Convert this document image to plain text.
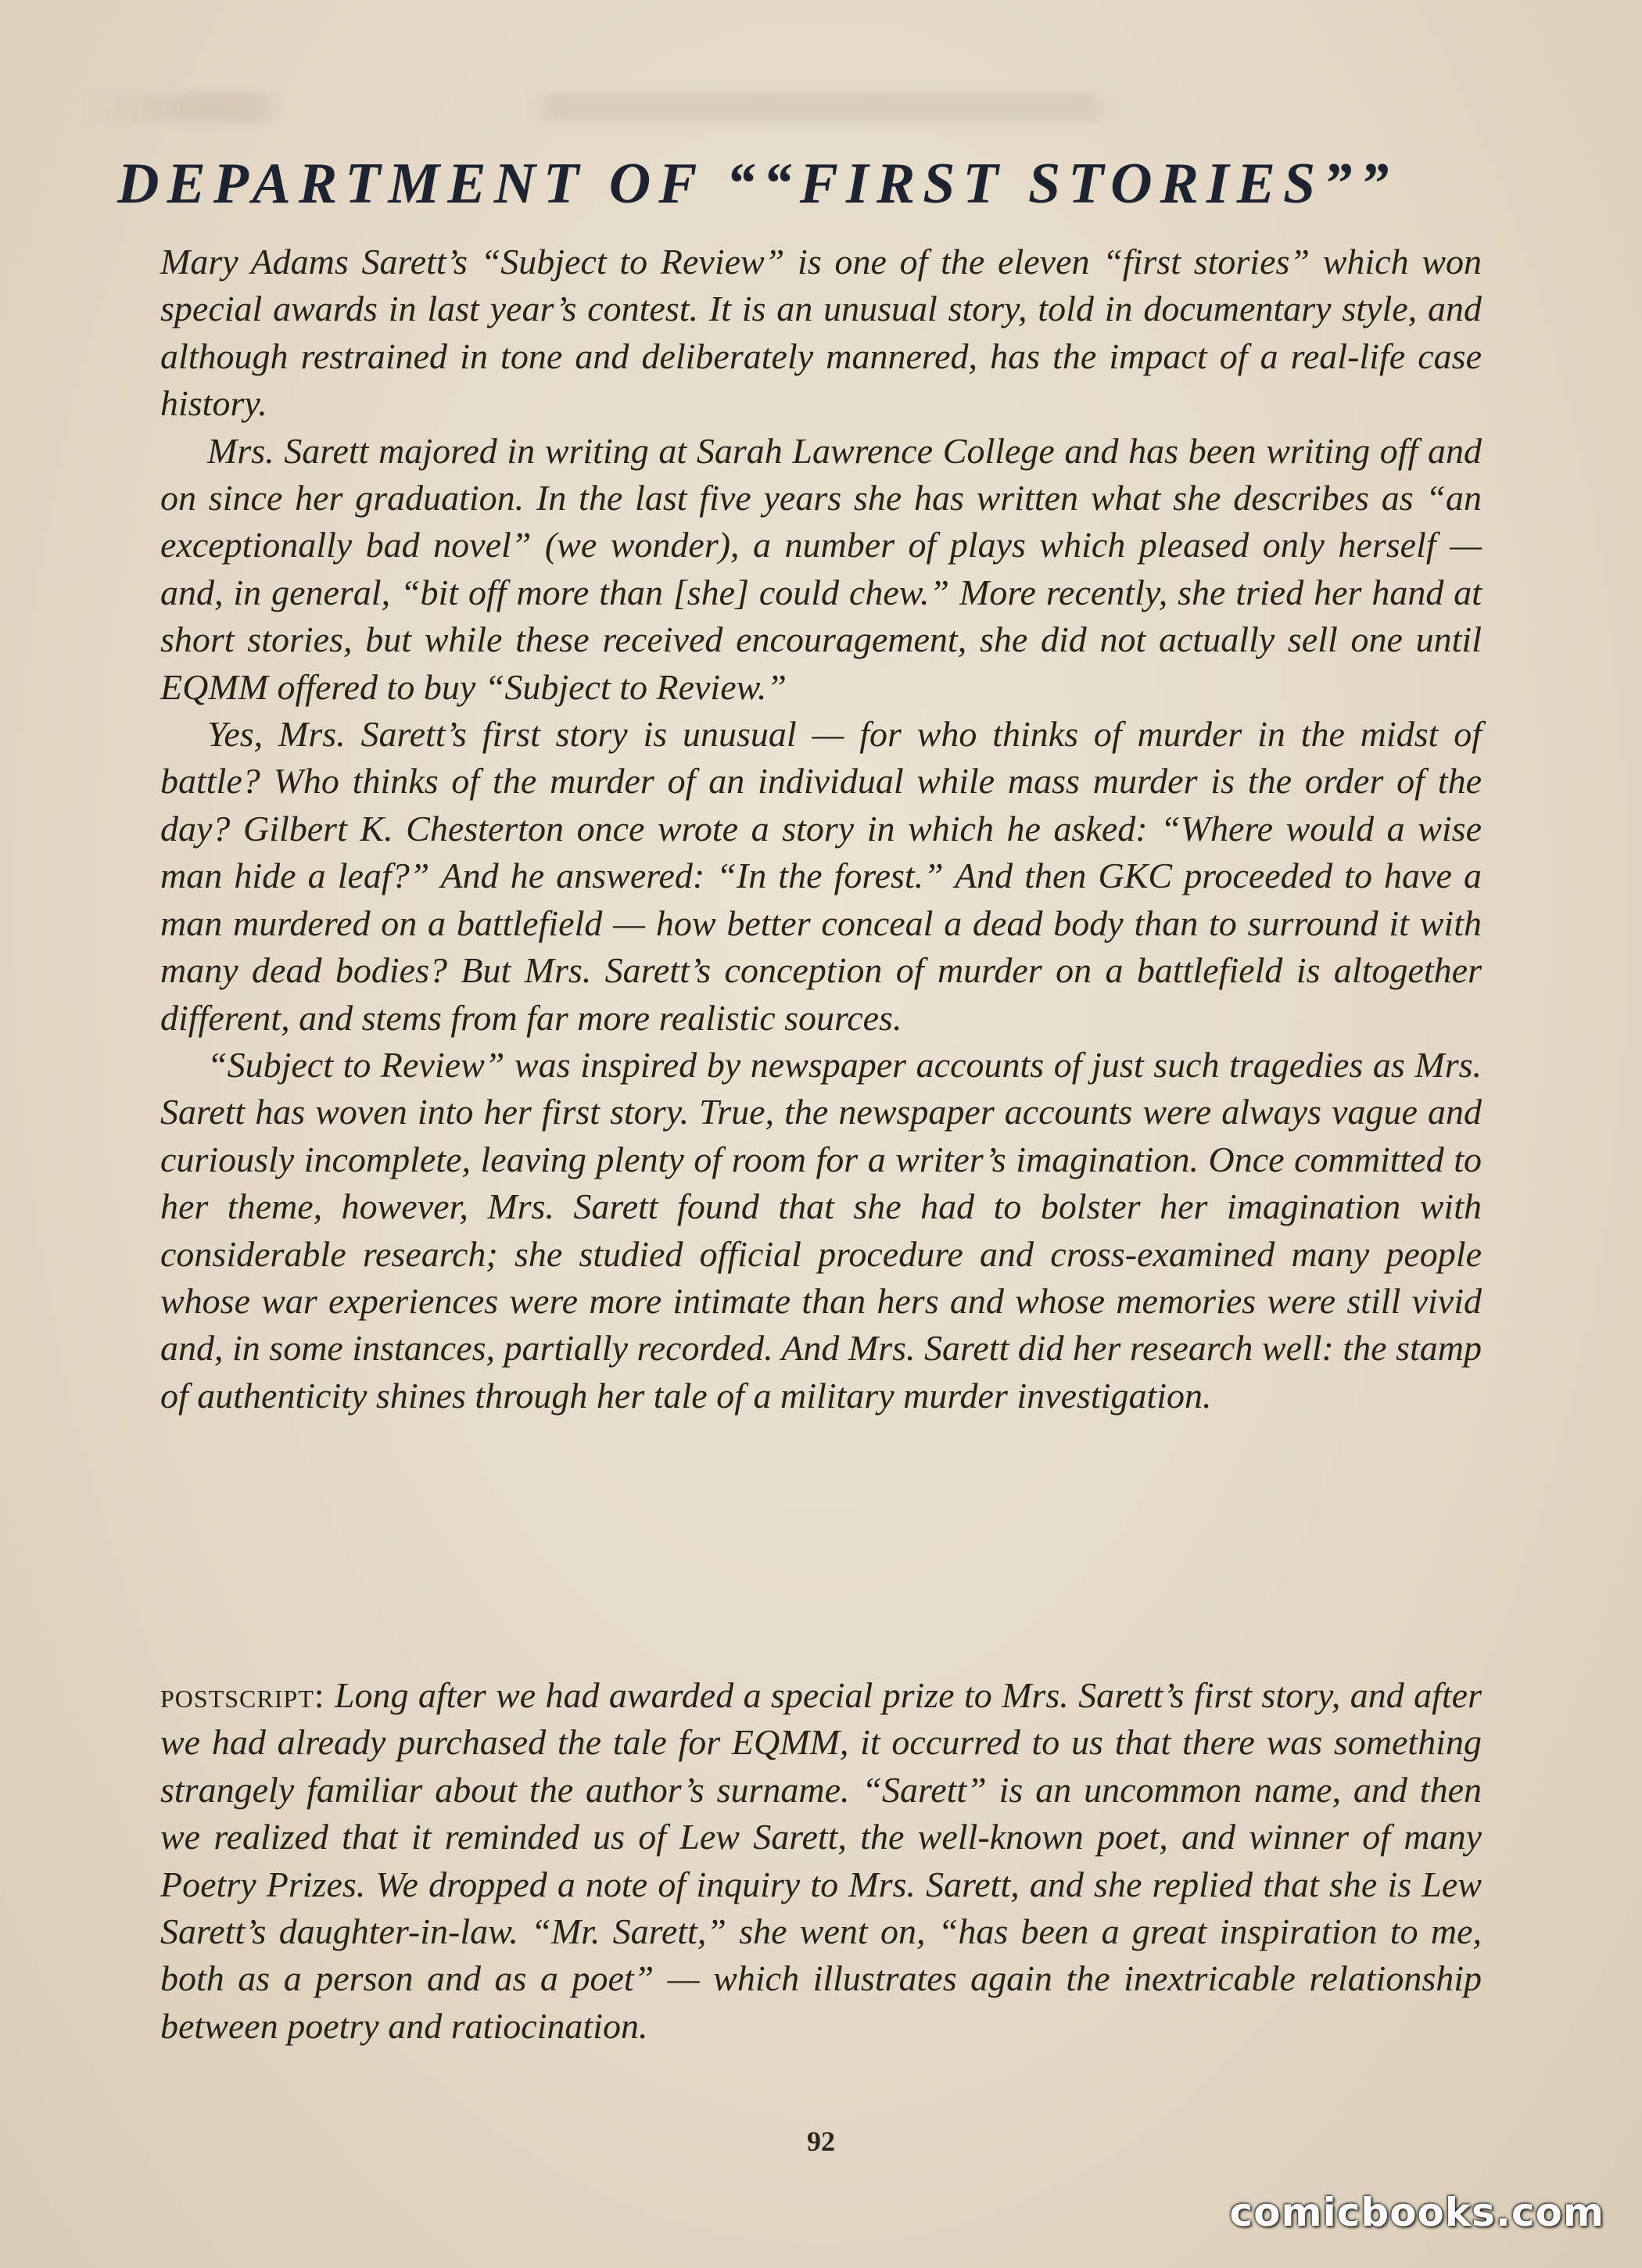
DEPARTMENT OF ““FIRST STORIES””

Mary Adams Sarett’s “Subject to Review” is one of the eleven “first stories” which won special awards in last year’s contest. It is an unusual story, told in documentary style, and although restrained in tone and deliberately mannered, has the impact of a real-life case history.

Mrs. Sarett majored in writing at Sarah Lawrence College and has been writing off and on since her graduation. In the last five years she has written what she describes as “an exceptionally bad novel” (we wonder), a number of plays which pleased only herself — and, in general, “bit off more than [she] could chew.” More recently, she tried her hand at short stories, but while these received encouragement, she did not actually sell one until EQMM offered to buy “Subject to Review.”

Yes, Mrs. Sarett’s first story is unusual — for who thinks of murder in the midst of battle? Who thinks of the murder of an individual while mass murder is the order of the day? Gilbert K. Chesterton once wrote a story in which he asked: “Where would a wise man hide a leaf?” And he answered: “In the forest.” And then GKC proceeded to have a man murdered on a battlefield — how better conceal a dead body than to surround it with many dead bodies? But Mrs. Sarett’s conception of murder on a battlefield is altogether different, and stems from far more realistic sources.

“Subject to Review” was inspired by newspaper accounts of just such tragedies as Mrs. Sarett has woven into her first story. True, the newspaper accounts were always vague and curiously incomplete, leaving plenty of room for a writer’s imagination. Once committed to her theme, however, Mrs. Sarett found that she had to bolster her imagination with considerable research; she studied official procedure and cross-examined many people whose war experiences were more intimate than hers and whose memories were still vivid and, in some instances, partially recorded. And Mrs. Sarett did her research well: the stamp of authenticity shines through her tale of a military murder investigation.

postscript: Long after we had awarded a special prize to Mrs. Sarett’s first story, and after we had already purchased the tale for EQMM, it occurred to us that there was something strangely familiar about the author’s surname. “Sarett” is an uncommon name, and then we realized that it reminded us of Lew Sarett, the well-known poet, and winner of many Poetry Prizes. We dropped a note of inquiry to Mrs. Sarett, and she replied that she is Lew Sarett’s daughter-in-law. “Mr. Sarett,” she went on, “has been a great inspiration to me, both as a person and as a poet” — which illustrates again the inextricable relationship between poetry and ratiocination.

92
comicbooks.com
